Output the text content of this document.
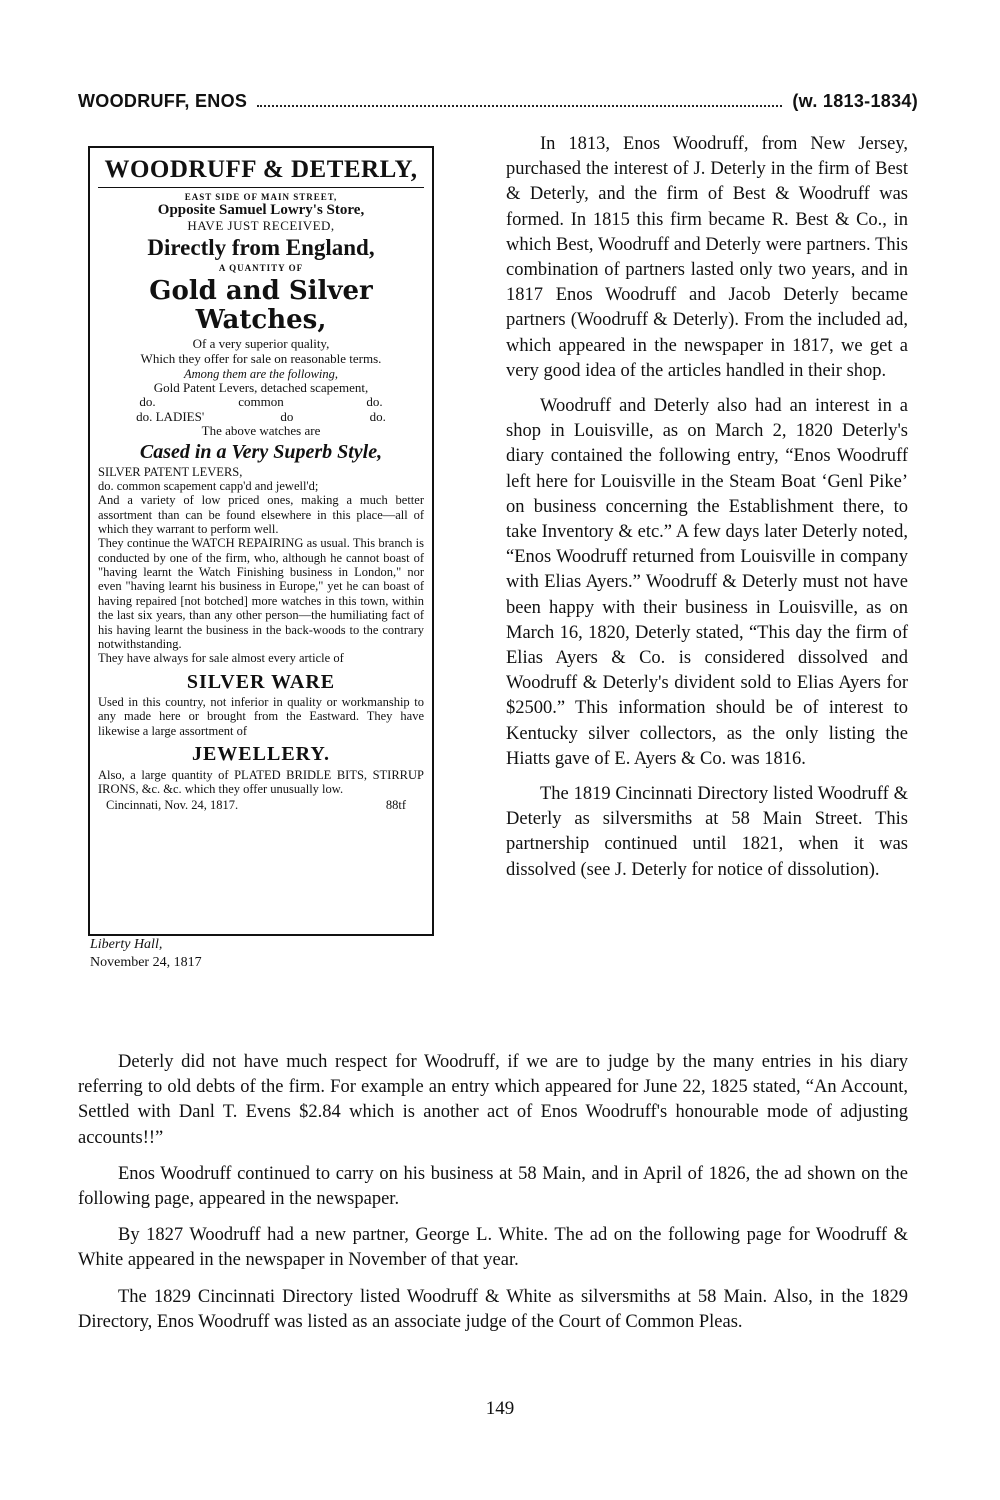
WOODRUFF, ENOS	(w. 1813-1834)
WOODRUFF & DETERLY,
EAST SIDE OF MAIN STREET,
Opposite Samuel Lowry's Store,
HAVE JUST RECEIVED,
Directly from England,
A QUANTITY OF
Gold and Silver Watches,
Of a very superior quality,
Which they offer for sale on reasonable terms.
Among them are the following,
Gold Patent Levers, detached scapement,
do.	common	do.
do. LADIES'	do	do.
The above watches are
Cased in a Very Superb Style,
SILVER PATENT LEVERS,
do. common scapement capp'd and jewell'd;
And a variety of low priced ones, making a much better assortment than can be found elsewhere in this place—all of which they warrant to perform well.
They continue the WATCH REPAIRING as usual. This branch is conducted by one of the firm, who, although he cannot boast of "having learnt the Watch Finishing business in London," nor even "having learnt his business in Europe," yet he can boast of having repaired [not botched] more watches in this town, within the last six years, than any other person—the humiliating fact of his having learnt the business in the back-woods to the contrary notwithstanding.
They have always for sale almost every article of
SILVER WARE
Used in this country, not inferior in quality or workmanship to any made here or brought from the Eastward. They have likewise a large assortment of
JEWELLERY.
Also, a large quantity of PLATED BRIDLE BITS, STIRRUP IRONS, &c. &c. which they offer unusually low.
Cincinnati, Nov. 24, 1817.	88tf
Liberty Hall,
November 24, 1817

In 1813, Enos Woodruff, from New Jersey, purchased the interest of J. Deterly in the firm of Best & Deterly, and the firm of Best & Woodruff was formed. In 1815 this firm became R. Best & Co., in which Best, Woodruff and Deterly were partners. This combination of partners lasted only two years, and in 1817 Enos Woodruff and Jacob Deterly became partners (Woodruff & Deterly). From the included ad, which appeared in the newspaper in 1817, we get a very good idea of the articles handled in their shop.

Woodruff and Deterly also had an interest in a shop in Louisville, as on March 2, 1820 Deterly's diary contained the following entry, “Enos Woodruff left here for Louisville in the Steam Boat ‘Genl Pike’ on business concerning the Establishment there, to take Inventory & etc.” A few days later Deterly noted, “Enos Woodruff returned from Louisville in company with Elias Ayers.” Woodruff & Deterly must not have been happy with their business in Louisville, as on March 16, 1820, Deterly stated, “This day the firm of Elias Ayers & Co. is considered dissolved and Woodruff & Deterly's divident sold to Elias Ayers for $2500.” This information should be of interest to Kentucky silver collectors, as the only listing the Hiatts gave of E. Ayers & Co. was 1816.

The 1819 Cincinnati Directory listed Woodruff & Deterly as silversmiths at 58 Main Street. This partnership continued until 1821, when it was dissolved (see J. Deterly for notice of dissolution).

Deterly did not have much respect for Woodruff, if we are to judge by the many entries in his diary referring to old debts of the firm. For example an entry which appeared for June 22, 1825 stated, “An Account, Settled with Danl T. Evens $2.84 which is another act of Enos Woodruff's honourable mode of adjusting accounts!!”

Enos Woodruff continued to carry on his business at 58 Main, and in April of 1826, the ad shown on the following page, appeared in the newspaper.

By 1827 Woodruff had a new partner, George L. White. The ad on the following page for Woodruff & White appeared in the newspaper in November of that year.

The 1829 Cincinnati Directory listed Woodruff & White as silversmiths at 58 Main. Also, in the 1829 Directory, Enos Woodruff was listed as an associate judge of the Court of Common Pleas.

149
